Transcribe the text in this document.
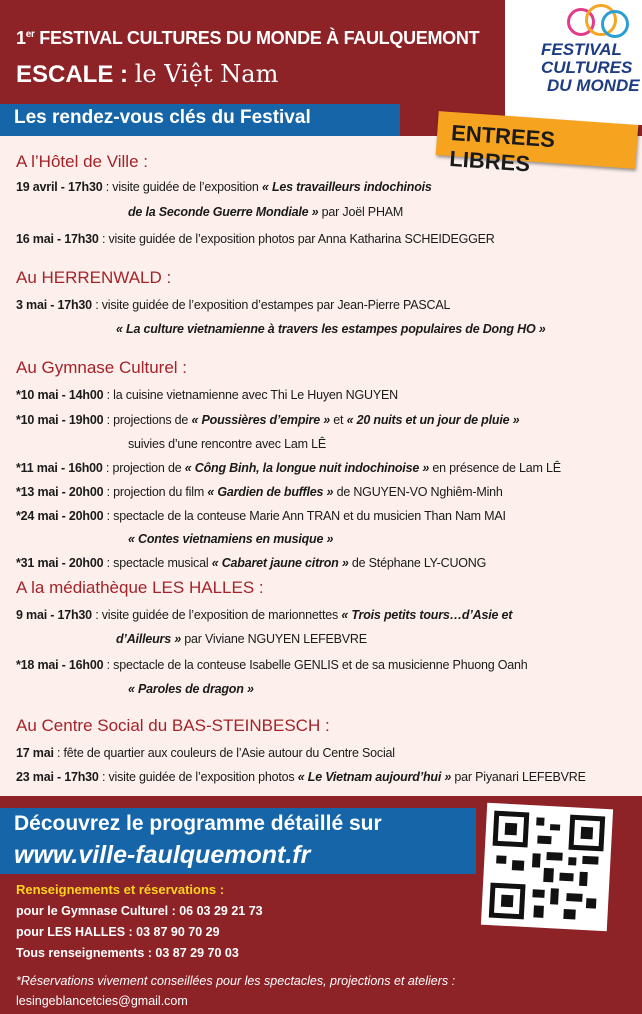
1er FESTIVAL CULTURES DU MONDE À FAULQUEMONT
ESCALE : le Việt Nam
FESTIVAL
CULTURES
DU MONDE
Les rendez-vous clés du Festival
ENTREES LIBRES
A l’Hôtel de Ville :
19 avril - 17h30 : visite guidée de l’exposition « Les travailleurs indochinois
de la Seconde Guerre Mondiale » par Joël PHAM
16 mai - 17h30 : visite guidée de l’exposition photos par Anna Katharina SCHEIDEGGER
Au HERRENWALD :
3 mai - 17h30 : visite guidée de l’exposition d’estampes par Jean-Pierre PASCAL
« La culture vietnamienne à travers les estampes populaires de Dong HO »
Au Gymnase Culturel :
*10 mai - 14h00 : la cuisine vietnamienne avec Thi Le Huyen NGUYEN
*10 mai - 19h00 : projections de « Poussières d’empire » et « 20 nuits et un jour de pluie »
suivies d’une rencontre avec Lam LÊ
*11 mai - 16h00 : projection de « Công Binh, la longue nuit indochinoise » en présence de Lam LÊ
*13 mai - 20h00 : projection du film « Gardien de buffles » de NGUYEN-VO Nghiêm-Minh
*24 mai - 20h00 : spectacle de la conteuse Marie Ann TRAN et du musicien Than Nam MAI
« Contes vietnamiens en musique »
*31 mai - 20h00 : spectacle musical « Cabaret jaune citron » de Stéphane LY-CUONG
A la médiathèque LES HALLES :
9 mai - 17h30 : visite guidée de l’exposition de marionnettes « Trois petits tours…d’Asie et
d’Ailleurs » par Viviane NGUYEN LEFEBVRE
*18 mai - 16h00 : spectacle de la conteuse Isabelle GENLIS et de sa musicienne Phuong Oanh
« Paroles de dragon »
Au Centre Social du BAS-STEINBESCH :
17 mai : fête de quartier aux couleurs de l’Asie autour du Centre Social
23 mai - 17h30 : visite guidée de l’exposition photos « Le Vietnam aujourd’hui » par Piyanari LEFEBVRE
Découvrez le programme détaillé sur
www.ville-faulquemont.fr
Renseignements et réservations :
pour le Gymnase Culturel : 06 03 29 21 73
pour LES HALLES : 03 87 90 70 29
Tous renseignements : 03 87 29 70 03
*Réservations vivement conseillées pour les spectacles, projections et ateliers :
lesingeblancetcies@gmail.com
